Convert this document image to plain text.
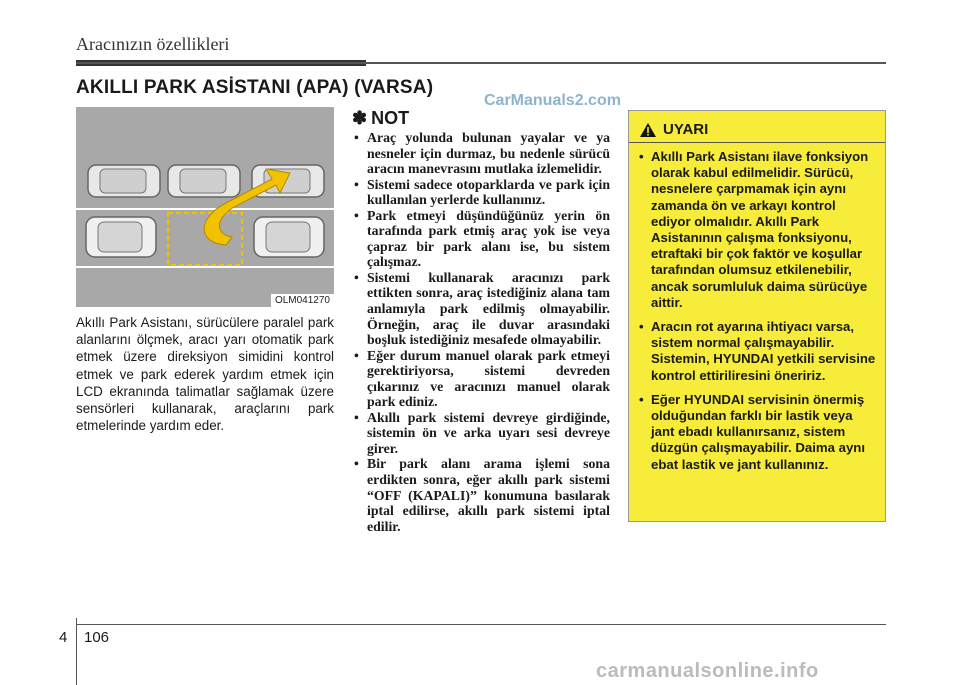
Aracınızın özellikleri
AKILLI PARK ASİSTANI (APA) (VARSA)
CarManuals2.com
OLM041270
Akıllı Park Asistanı, sürücülere paralel park alanlarını ölçmek, aracı yarı otomatik park etmek üzere direksiyon simidini kontrol etmek ve park ederek yardım etmek için LCD ekranında talimatlar sağlamak üzere sensörleri kullanarak, araçlarını park etmelerinde yardım eder.
✽ NOT
• Araç yolunda bulunan yayalar ve ya nesneler için durmaz, bu nedenle sürücü aracın manevrasını mutlaka izlemelidir.
• Sistemi sadece otoparklarda ve park için kullanılan yerlerde kullanınız.
• Park etmeyi düşündüğünüz yerin ön tarafında park etmiş araç yok ise veya çapraz bir park alanı ise, bu sistem çalışmaz.
• Sistemi kullanarak aracınızı park ettikten sonra, araç istediğiniz alana tam anlamıyla park edilmiş olmayabilir. Örneğin, araç ile duvar arasındaki boşluk istediğiniz mesafede olmayabilir.
• Eğer durum manuel olarak park etmeyi gerektiriyorsa, sistemi devreden çıkarınız ve aracınızı manuel olarak park ediniz.
• Akıllı park sistemi devreye girdiğinde, sistemin ön ve arka uyarı sesi devreye girer.
• Bir park alanı arama işlemi sona erdikten sonra, eğer akıllı park sistemi “OFF (KAPALI)” konumuna basılarak iptal edilirse, akıllı park sistemi iptal edilir.
UYARI
• Akıllı Park Asistanı ilave fonksiyon olarak kabul edilmelidir. Sürücü, nesnelere çarpmamak için aynı zamanda ön ve arkayı kontrol ediyor olmalıdır. Akıllı Park Asistanının çalışma fonksiyonu, etraftaki bir çok faktör ve koşullar tarafından olumsuz etkilenebilir, ancak sorumluluk daima sürücüye aittir.
• Aracın rot ayarına ihtiyacı varsa, sistem normal çalışmayabilir. Sistemin, HYUNDAI yetkili servisine kontrol ettiriliresini öneririz.
• Eğer HYUNDAI servisinin önermiş olduğundan farklı bir lastik veya jant ebadı kullanırsanız, sistem düzgün çalışmayabilir. Daima aynı ebat lastik ve jant kullanınız.
4 106
carmanualsonline.info
